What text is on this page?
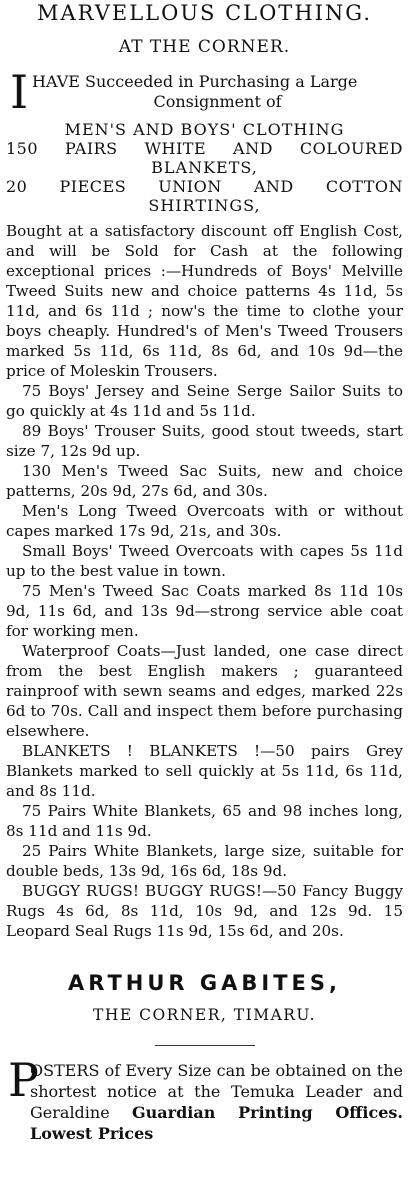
MARVELLOUS CLOTHING.
AT THE CORNER.
I HAVE Succeeded in Purchasing a Large
Consignment of
MEN'S AND BOYS' CLOTHING
150 PAIRS WHITE AND COLOURED
BLANKETS,
20 PIECES UNION AND COTTON
SHIRTINGS,
Bought at a satisfactory discount off English Cost, and will be Sold for Cash at the following exceptional prices :—Hundreds of Boys' Melville Tweed Suits new and choice patterns 4s 11d, 5s 11d, and 6s 11d ; now's the time to clothe your boys cheaply. Hundred's of Men's Tweed Trousers marked 5s 11d, 6s 11d, 8s 6d, and 10s 9d—the price of Moleskin Trousers.
75 Boys' Jersey and Seine Serge Sailor Suits to go quickly at 4s 11d and 5s 11d.
89 Boys' Trouser Suits, good stout tweeds, start size 7, 12s 9d up.
130 Men's Tweed Sac Suits, new and choice patterns, 20s 9d, 27s 6d, and 30s.
Men's Long Tweed Overcoats with or without capes marked 17s 9d, 21s, and 30s.
Small Boys' Tweed Overcoats with capes 5s 11d up to the best value in town.
75 Men's Tweed Sac Coats marked 8s 11d 10s 9d, 11s 6d, and 13s 9d—strong service able coat for working men.
Waterproof Coats—Just landed, one case direct from the best English makers ; guaranteed rainproof with sewn seams and edges, marked 22s 6d to 70s. Call and inspect them before purchasing elsewhere.
BLANKETS ! BLANKETS !—50 pairs Grey Blankets marked to sell quickly at 5s 11d, 6s 11d, and 8s 11d.
75 Pairs White Blankets, 65 and 98 inches long, 8s 11d and 11s 9d.
25 Pairs White Blankets, large size, suitable for double beds, 13s 9d, 16s 6d, 18s 9d.
BUGGY RUGS! BUGGY RUGS!—50 Fancy Buggy Rugs 4s 6d, 8s 11d, 10s 9d, and 12s 9d. 15 Leopard Seal Rugs 11s 9d, 15s 6d, and 20s.
ARTHUR GABITES,
THE CORNER, TIMARU.
P
OSTERS of Every Size can be obtained on the shortest notice at the Temuka Leader and Geraldine Guardian Printing Offices. Lowest Prices
